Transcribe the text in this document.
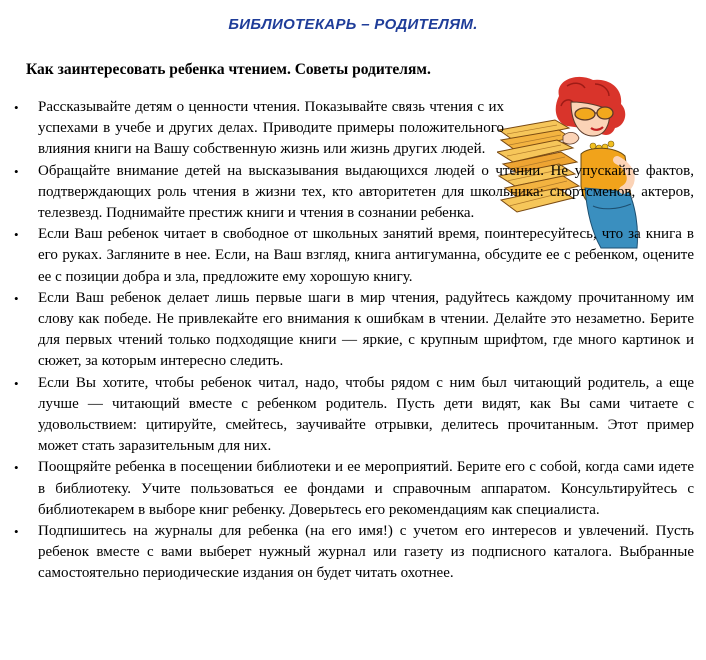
БИБЛИОТЕКАРЬ – РОДИТЕЛЯМ.
Как заинтересовать ребенка чтением. Советы родителям.
• Рассказывайте детям о ценности чтения. Показывайте связь чтения с их успехами в учебе и других делах. Приводите примеры положительного влияния книги на Вашу собственную жизнь или жизнь других людей.
• Обращайте внимание детей на высказывания выдающихся людей о чтении. Не упускайте фактов, подтверждающих роль чтения в жизни тех, кто авторитетен для школьника: спортсменов, актеров, телезвезд. Поднимайте престиж книги и чтения в сознании ребенка.
• Если Ваш ребенок читает в свободное от школьных занятий время, поинтересуйтесь, что за книга в его руках. Загляните в нее. Если, на Ваш взгляд, книга антигуманна, обсудите ее с ребенком, оцените ее с позиции добра и зла, предложите ему хорошую книгу.
• Если Ваш ребенок делает лишь первые шаги в мир чтения, радуйтесь каждому прочитанному им слову как победе. Не привлекайте его внимания к ошибкам в чтении. Делайте это незаметно. Берите для первых чтений только подходящие книги — яркие, с крупным шрифтом, где много картинок и сюжет, за которым интересно следить.
• Если Вы хотите, чтобы ребенок читал, надо, чтобы рядом с ним был читающий родитель, а еще лучше — читающий вместе с ребенком родитель. Пусть дети видят, как Вы сами читаете с удовольствием: цитируйте, смейтесь, заучивайте отрывки, делитесь прочитанным. Этот пример может стать заразительным для них.
• Поощряйте ребенка в посещении библиотеки и ее мероприятий. Берите его с собой, когда сами идете в библиотеку. Учите пользоваться ее фондами и справочным аппаратом. Консультируйтесь с библиотекарем в выборе книг ребенку. Доверьтесь его рекомендациям как специалиста.
• Подпишитесь на журналы для ребенка (на его имя!) с учетом его интересов и увлечений. Пусть ребенок вместе с вами выберет нужный журнал или газету из подписного каталога. Выбранные самостоятельно периодические издания он будет читать охотнее.
